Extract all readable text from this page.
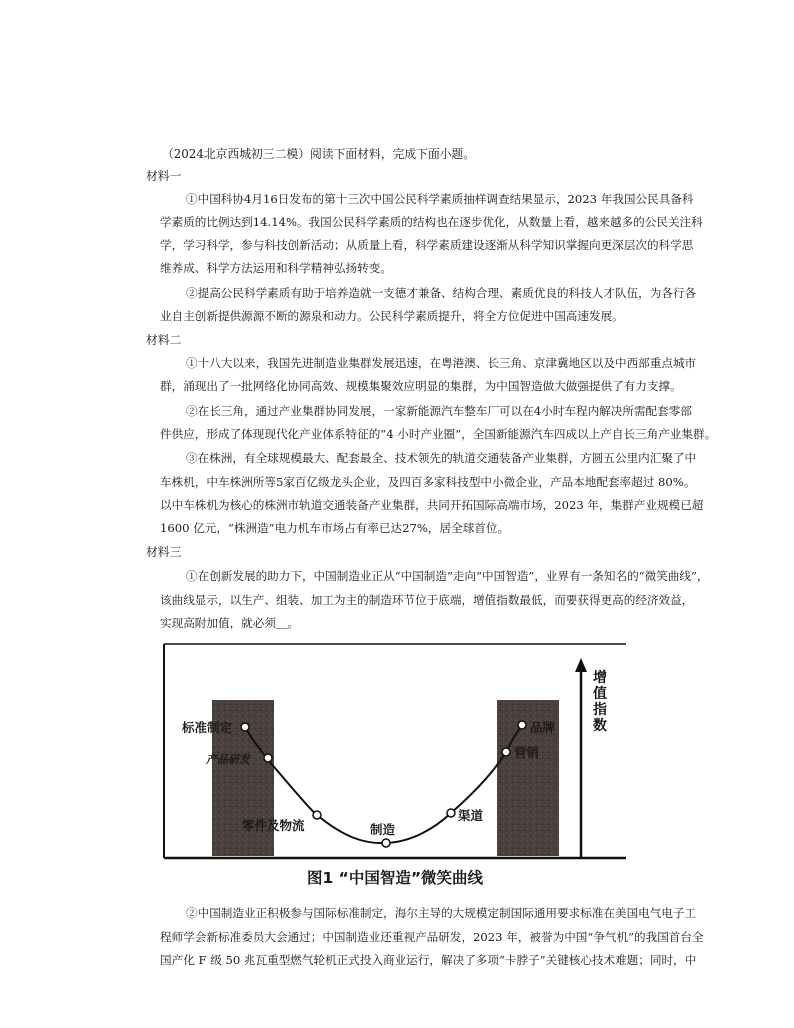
（2024北京西城初三二模）阅读下面材料，完成下面小题。
材料一
①中国科协4月16日发布的第十三次中国公民科学素质抽样调查结果显示，2023 年我国公民具备科
学素质的比例达到14.14%。我国公民科学素质的结构也在逐步优化，从数量上看，越来越多的公民关注科
学，学习科学，参与科技创新活动；从质量上看，科学素质建设逐渐从科学知识掌握向更深层次的科学思
维养成、科学方法运用和科学精神弘扬转变。
②提高公民科学素质有助于培养造就一支德才兼备、结构合理、素质优良的科技人才队伍，为各行各
业自主创新提供源源不断的源泉和动力。公民科学素质提升，将全方位促进中国高速发展。
材料二
①十八大以来，我国先进制造业集群发展迅速，在粤港澳、长三角、京津冀地区以及中西部重点城市
群，涌现出了一批网络化协同高效、规模集聚效应明显的集群，为中国智造做大做强提供了有力支撑。
②在长三角，通过产业集群协同发展，一家新能源汽车整车厂可以在4小时车程内解决所需配套零部
件供应，形成了体现现代化产业体系特征的“4 小时产业圈”，全国新能源汽车四成以上产自长三角产业集群。
③在株洲，有全球规模最大、配套最全、技术领先的轨道交通装备产业集群，方圆五公里内汇聚了中
车株机，中车株洲所等5家百亿级龙头企业，及四百多家科技型中小微企业，产品本地配套率超过 80%。
以中车株机为核心的株洲市轨道交通装备产业集群，共同开拓国际高端市场，2023 年，集群产业规模已超
1600 亿元，“株洲造”电力机车市场占有率已达27%，居全球首位。
材料三
①在创新发展的助力下，中国制造业正从“中国制造”走向“中国智造”，业界有一条知名的“微笑曲线”，
该曲线显示，以生产、组装、加工为主的制造环节位于底端，增值指数最低，而要获得更高的经济效益，
实现高附加值，就必须＿。
增
值
指
数
标准制定
产品研发
零件及物流	制造
渠道
营销
品牌
图1 “中国智造”微笑曲线
②中国制造业正积极参与国际标准制定，海尔主导的大规模定制国际通用要求标准在美国电气电子工
程师学会新标准委员大会通过；中国制造业还重视产品研发，2023 年，被誉为中国“争气机”的我国首台全
国产化 F 级 50 兆瓦重型燃气轮机正式投入商业运行，解决了多项“卡脖子”关键核心技术难题；同时，中
